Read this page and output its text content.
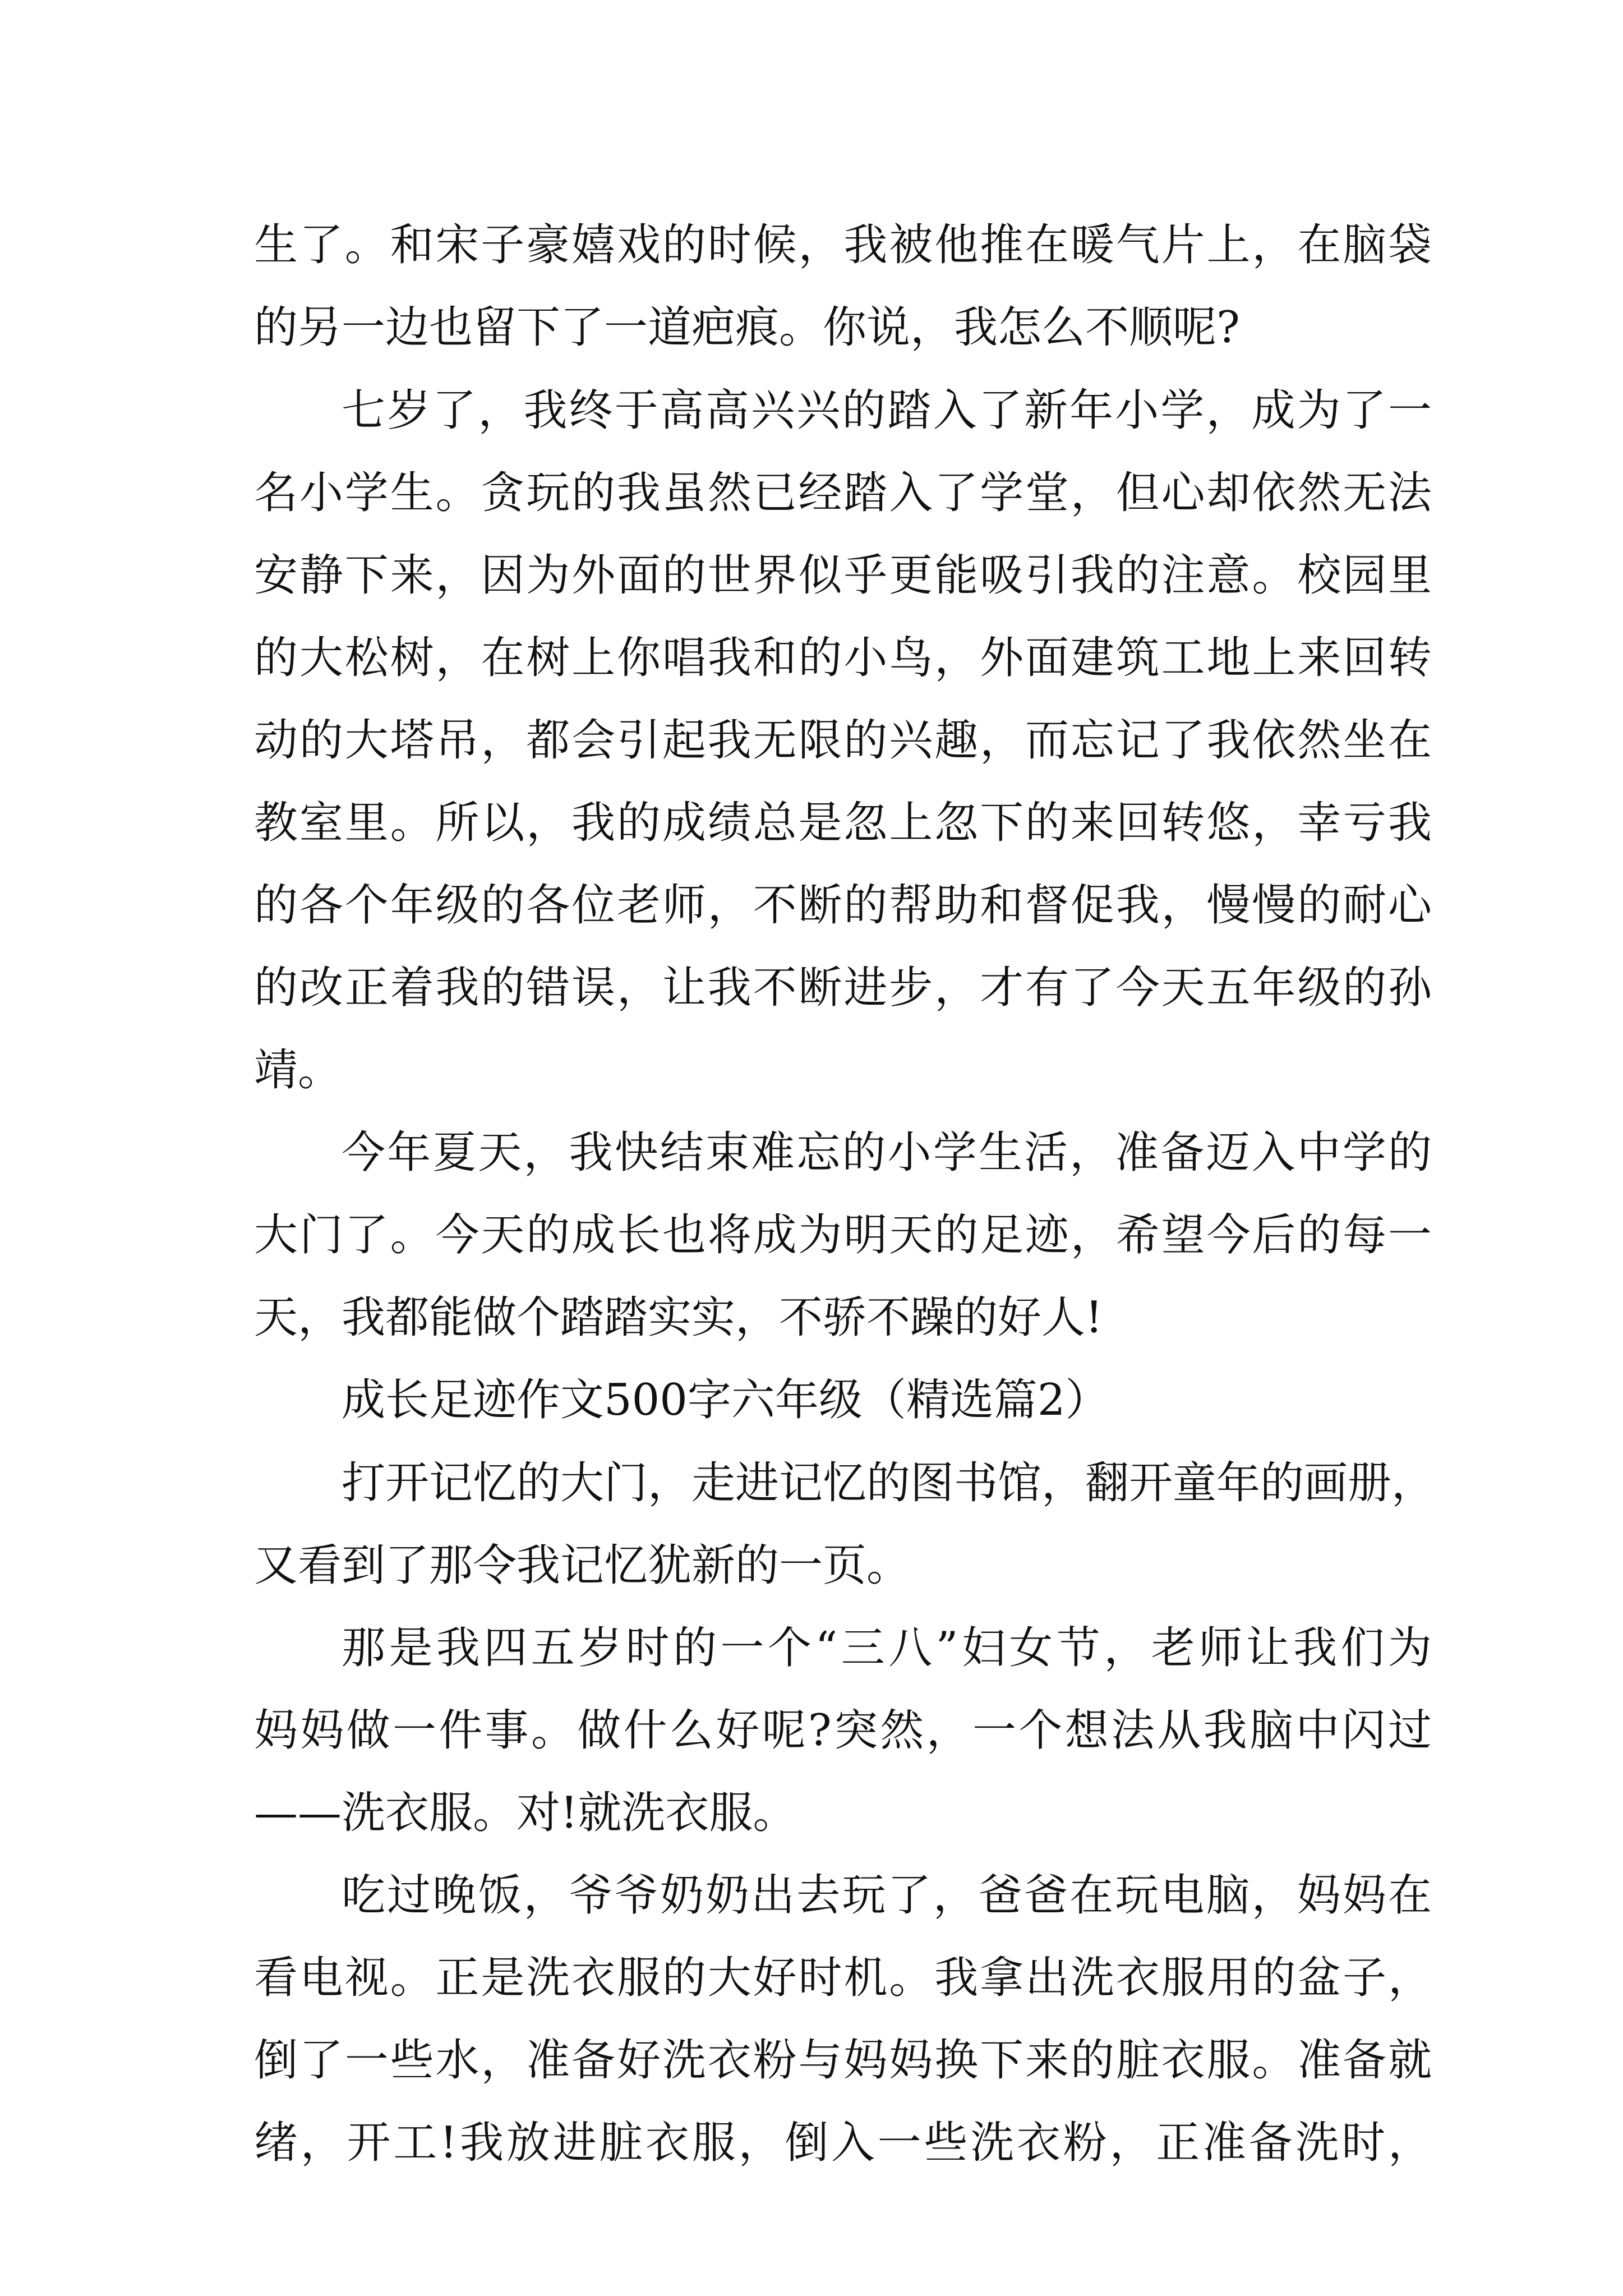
生了。和宋子豪嬉戏的时候，我被他推在暖气片上，在脑袋
的另一边也留下了一道疤痕。你说，我怎么不顺呢?
七岁了，我终于高高兴兴的踏入了新年小学，成为了一
名小学生。贪玩的我虽然已经踏入了学堂，但心却依然无法
安静下来，因为外面的世界似乎更能吸引我的注意。校园里
的大松树，在树上你唱我和的小鸟，外面建筑工地上来回转
动的大塔吊，都会引起我无限的兴趣，而忘记了我依然坐在
教室里。所以，我的成绩总是忽上忽下的来回转悠，幸亏我
的各个年级的各位老师，不断的帮助和督促我，慢慢的耐心
的改正着我的错误，让我不断进步，才有了今天五年级的孙
靖。
今年夏天，我快结束难忘的小学生活，准备迈入中学的
大门了。今天的成长也将成为明天的足迹，希望今后的每一
天，我都能做个踏踏实实，不骄不躁的好人!
成长足迹作文500字六年级（精选篇2）
打开记忆的大门，走进记忆的图书馆，翻开童年的画册，
又看到了那令我记忆犹新的一页。
那是我四五岁时的一个“三八”妇女节，老师让我们为
妈妈做一件事。做什么好呢?突然，一个想法从我脑中闪过
——洗衣服。对!就洗衣服。
吃过晚饭，爷爷奶奶出去玩了，爸爸在玩电脑，妈妈在
看电视。正是洗衣服的大好时机。我拿出洗衣服用的盆子，
倒了一些水，准备好洗衣粉与妈妈换下来的脏衣服。准备就
绪，开工!我放进脏衣服，倒入一些洗衣粉，正准备洗时，
